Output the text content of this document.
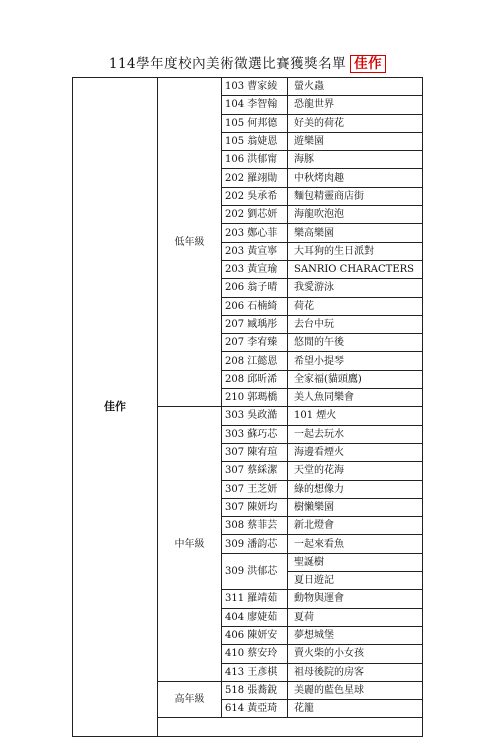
114學年度校內美術徵選比賽獲獎名單 佳作
佳作	低年級	103 曹家綾	螢火蟲
		104 李智翰	恐龍世界
		105 何邦德	好美的荷花
		105 翁婕恩	遊樂園
		106 洪郁甯	海豚
		202 羅翊勛	中秋烤肉趣
		202 吳承希	麵包精靈商店街
		202 劉芯妍	海龍吹泡泡
		203 鄭心菲	樂高樂園
		203 黃宣寧	大耳狗的生日派對
		203 黃宣瑜	SANRIO CHARACTERS
		206 翁子晴	我愛游泳
		206 石楠綺	荷花
		207 臧瑀彤	去台中玩
		207 李宥臻	悠閒的午後
		208 江懿恩	希望小提琴
		208 邱昕浠	全家福(貓頭鷹)
		210 郭瑪橋	美人魚同樂會
	中年級	303 吳政澔	101 煙火
		303 蘇巧芯	一起去玩水
		307 陳宥瑄	海邊看煙火
		307 蔡綵潔	天堂的花海
		307 王芝妍	綠的想像力
		307 陳妍均	樹懶樂園
		308 蔡菲芸	新北燈會
		309 潘韵芯	一起來看魚
		309 洪郁芯	聖誕樹
			夏日遊記
		311 羅靖茹	動物與運會
		404 廖婕茹	夏荷
		406 陳妍安	夢想城堡
		410 蔡安玲	賣火柴的小女孩
		413 王彥棋	祖母後院的房客
	高年級	518 張蕎銳	美麗的藍色星球
		614 黃亞琦	花籠
